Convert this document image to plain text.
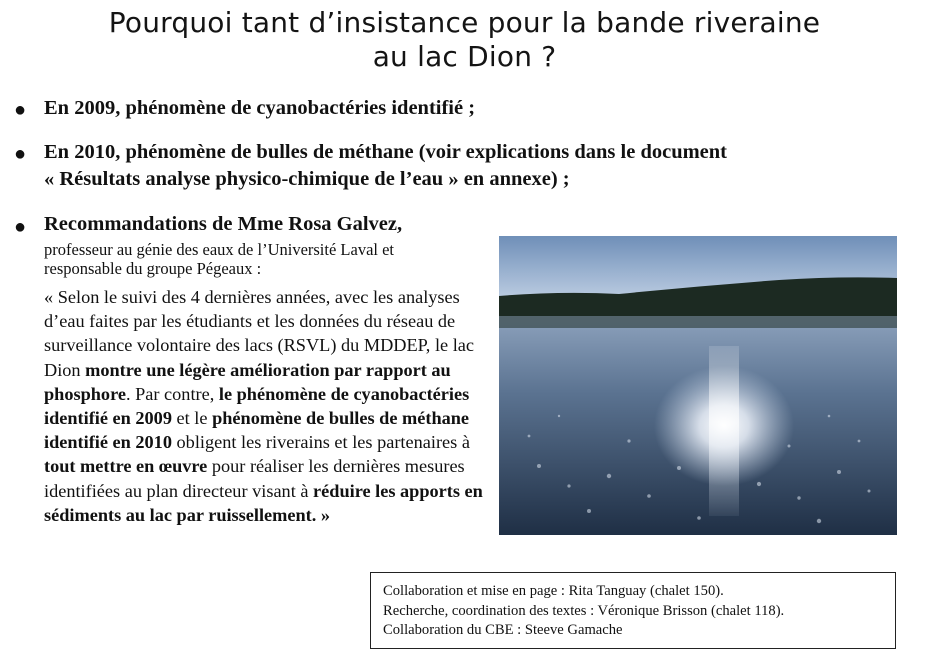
Pourquoi tant d’insistance pour la bande riveraine
au lac Dion ?
● En 2009, phénomène de cyanobactéries identifié ;
● En 2010, phénomène de bulles de méthane (voir explications dans le document
« Résultats analyse physico-chimique de l’eau » en annexe) ;
● Recommandations de Mme Rosa Galvez,
professeur au génie des eaux de l’Université Laval et
responsable du groupe Pégeaux :
« Selon le suivi des 4 dernières années, avec les analyses d’eau faites par les étudiants et les données du réseau de surveillance volontaire des lacs (RSVL) du MDDEP, le lac Dion montre une légère amélioration par rapport au phosphore. Par contre, le phénomène de cyanobactéries identifié en 2009 et le phénomène de bulles de méthane identifié en 2010 obligent les riverains et les partenaires à tout mettre en œuvre pour réaliser les dernières mesures identifiées au plan directeur visant à réduire les apports en sédiments au lac par ruissellement. »
Collaboration et mise en page : Rita Tanguay (chalet 150).
Recherche, coordination des textes : Véronique Brisson (chalet 118).
Collaboration du CBE : Steeve Gamache
